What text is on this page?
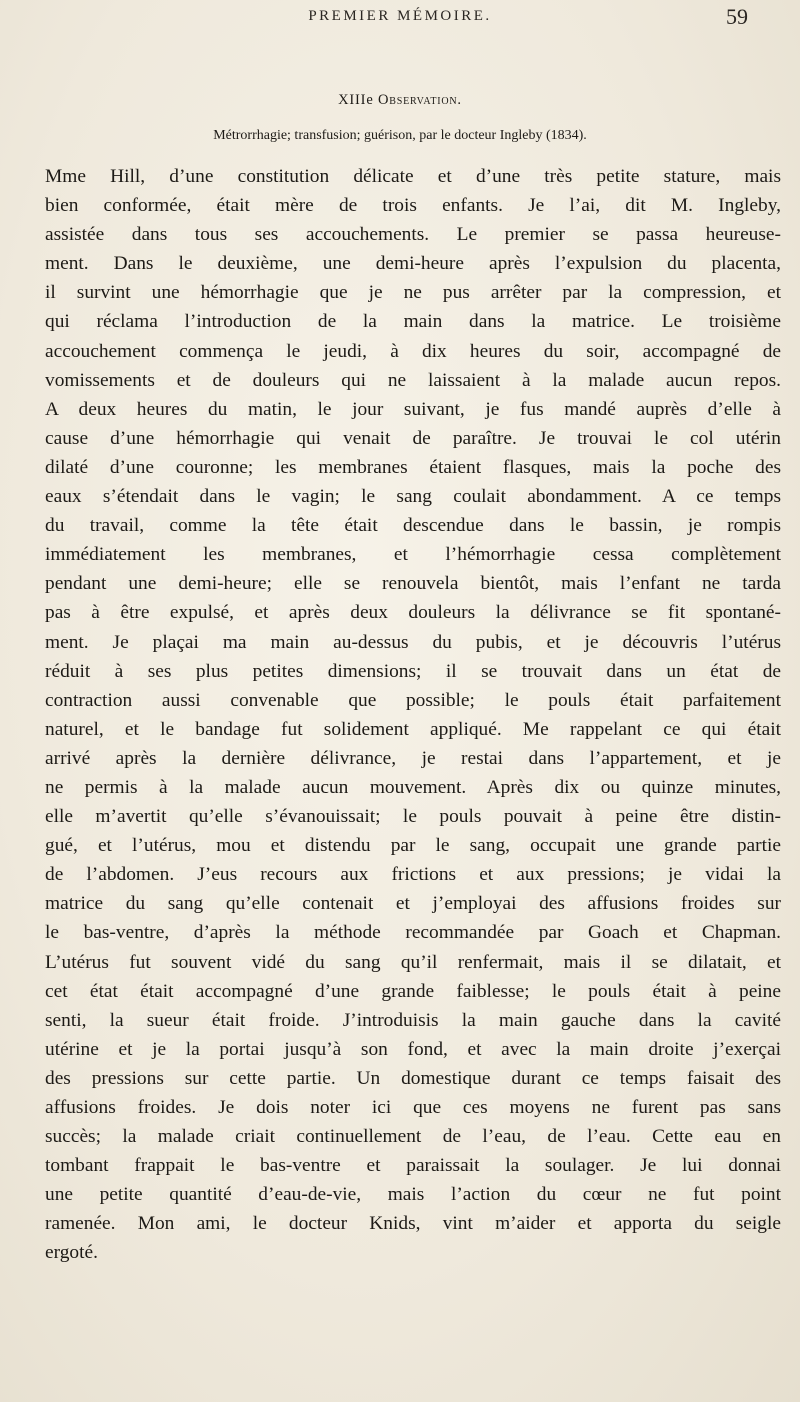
PREMIER MÉMOIRE.	59
XIIIe Observation.
Métrorrhagie; transfusion; guérison, par le docteur Ingleby (1834).
Mme Hill, d’une constitution délicate et d’une très petite stature, mais
bien conformée, était mère de trois enfants. Je l’ai, dit M. Ingleby,
assistée dans tous ses accouchements. Le premier se passa heureuse-
ment. Dans le deuxième, une demi-heure après l’expulsion du placenta,
il survint une hémorrhagie que je ne pus arrêter par la compression, et
qui réclama l’introduction de la main dans la matrice. Le troisième
accouchement commença le jeudi, à dix heures du soir, accompagné de
vomissements et de douleurs qui ne laissaient à la malade aucun repos.
A deux heures du matin, le jour suivant, je fus mandé auprès d’elle à
cause d’une hémorrhagie qui venait de paraître. Je trouvai le col utérin
dilaté d’une couronne; les membranes étaient flasques, mais la poche des
eaux s’étendait dans le vagin; le sang coulait abondamment. A ce temps
du travail, comme la tête était descendue dans le bassin, je rompis
immédiatement les membranes, et l’hémorrhagie cessa complètement
pendant une demi-heure; elle se renouvela bientôt, mais l’enfant ne tarda
pas à être expulsé, et après deux douleurs la délivrance se fit spontané-
ment. Je plaçai ma main au-dessus du pubis, et je découvris l’utérus
réduit à ses plus petites dimensions; il se trouvait dans un état de
contraction aussi convenable que possible; le pouls était parfaitement
naturel, et le bandage fut solidement appliqué. Me rappelant ce qui était
arrivé après la dernière délivrance, je restai dans l’appartement, et je
ne permis à la malade aucun mouvement. Après dix ou quinze minutes,
elle m’avertit qu’elle s’évanouissait; le pouls pouvait à peine être distin-
gué, et l’utérus, mou et distendu par le sang, occupait une grande partie
de l’abdomen. J’eus recours aux frictions et aux pressions; je vidai la
matrice du sang qu’elle contenait et j’employai des affusions froides sur
le bas-ventre, d’après la méthode recommandée par Goach et Chapman.
L’utérus fut souvent vidé du sang qu’il renfermait, mais il se dilatait, et
cet état était accompagné d’une grande faiblesse; le pouls était à peine
senti, la sueur était froide. J’introduisis la main gauche dans la cavité
utérine et je la portai jusqu’à son fond, et avec la main droite j’exerçai
des pressions sur cette partie. Un domestique durant ce temps faisait des
affusions froides. Je dois noter ici que ces moyens ne furent pas sans
succès; la malade criait continuellement de l’eau, de l’eau. Cette eau en
tombant frappait le bas-ventre et paraissait la soulager. Je lui donnai
une petite quantité d’eau-de-vie, mais l’action du cœur ne fut point
ramenée. Mon ami, le docteur Knids, vint m’aider et apporta du seigle
ergoté.
